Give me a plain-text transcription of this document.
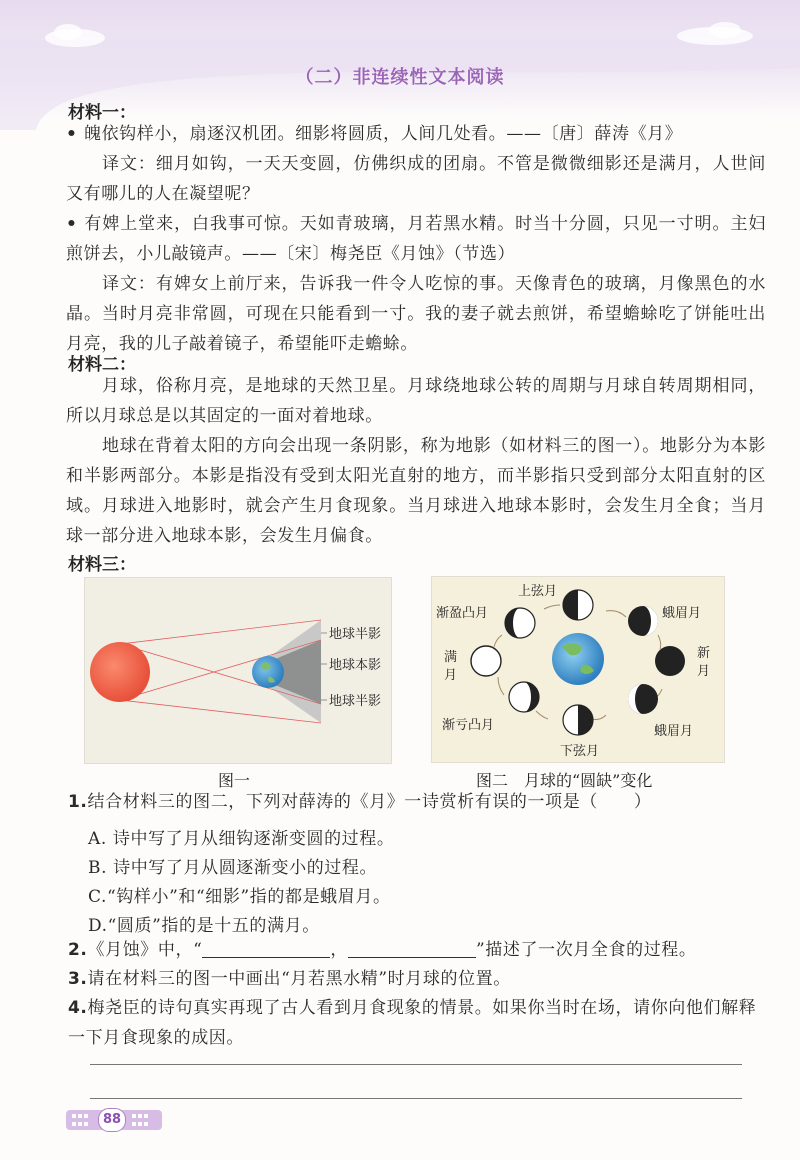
（二）非连续性文本阅读
材料一：
• 魄依钩样小，扇逐汉机团。细影将圆质，人间几处看。——〔唐〕薛涛《月》
译文：细月如钩，一天天变圆，仿佛织成的团扇。不管是微微细影还是满月，人世间又有哪儿的人在凝望呢？
• 有婢上堂来，白我事可惊。天如青玻璃，月若黑水精。时当十分圆，只见一寸明。主妇煎饼去，小儿敲镜声。——〔宋〕梅尧臣《月蚀》（节选）
译文：有婢女上前厅来，告诉我一件令人吃惊的事。天像青色的玻璃，月像黑色的水晶。当时月亮非常圆，可现在只能看到一寸。我的妻子就去煎饼，希望蟾蜍吃了饼能吐出月亮，我的儿子敲着镜子，希望能吓走蟾蜍。
材料二：
月球，俗称月亮，是地球的天然卫星。月球绕地球公转的周期与月球自转周期相同，所以月球总是以其固定的一面对着地球。
地球在背着太阳的方向会出现一条阴影，称为地影（如材料三的图一）。地影分为本影和半影两部分。本影是指没有受到太阳光直射的地方，而半影指只受到部分太阳直射的区域。月球进入地影时，就会产生月食现象。当月球进入地球本影时，会发生月全食；当月球一部分进入地球本影，会发生月偏食。
材料三：
地球半影
地球本影
地球半影
图一
上弦月
蛾眉月
新
月
蛾眉月
下弦月
渐亏凸月
满
月
渐盈凸月
图二　月球的“圆缺”变化
1.结合材料三的图二，下列对薛涛的《月》一诗赏析有误的一项是（ ）
A. 诗中写了月从细钩逐渐变圆的过程。
B. 诗中写了月从圆逐渐变小的过程。
C.“钩样小”和“细影”指的都是蛾眉月。
D.“圆质”指的是十五的满月。
2.《月蚀》中，“	，	”描述了一次月全食的过程。
3.请在材料三的图一中画出“月若黑水精”时月球的位置。
4.梅尧臣的诗句真实再现了古人看到月食现象的情景。如果你当时在场，请你向他们解释一下月食现象的成因。
88
